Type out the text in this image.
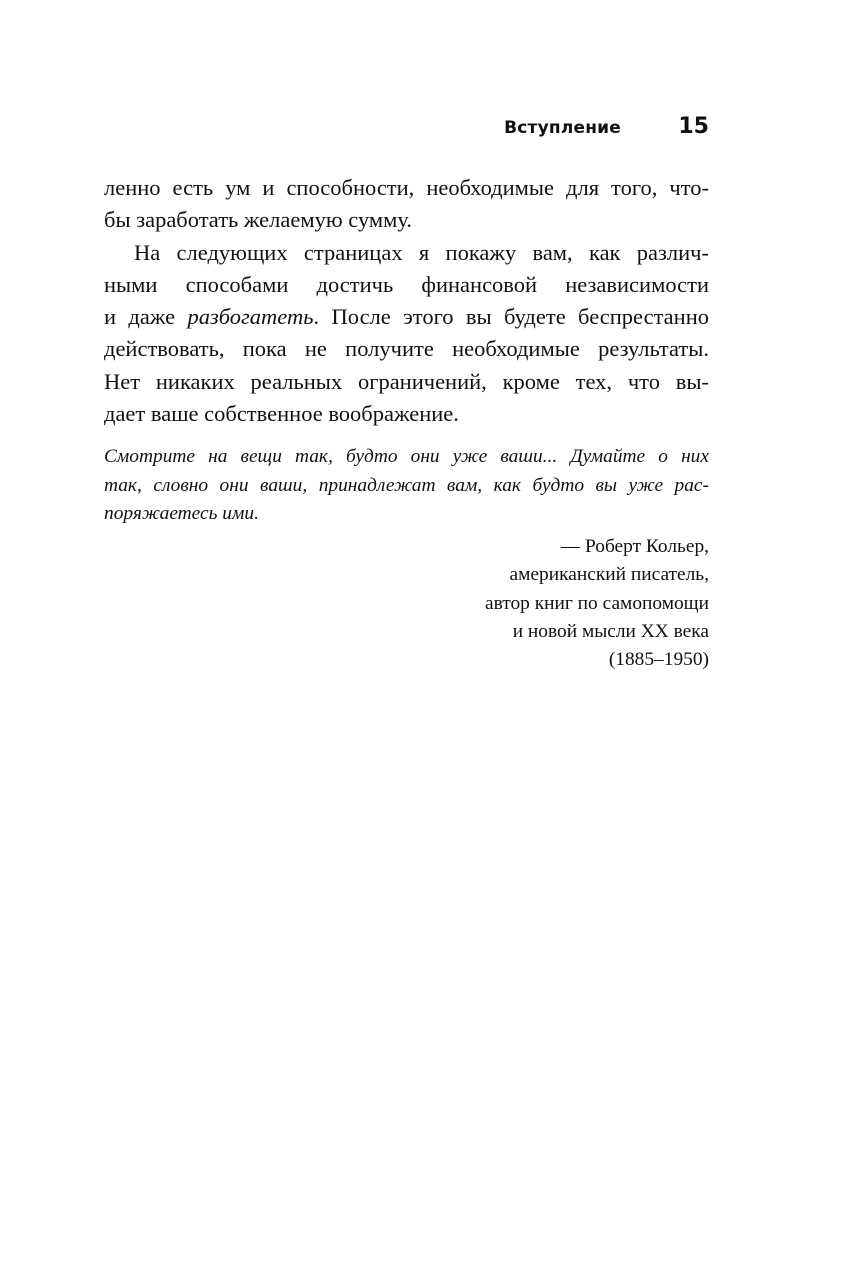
Вступление	15
ленно есть ум и способности, необходимые для того, что-
бы заработать желаемую сумму.
На следующих страницах я покажу вам, как различ-
ными способами достичь финансовой независимости
и даже разбогатеть. После этого вы будете беспрестанно
действовать, пока не получите необходимые результаты.
Нет никаких реальных ограничений, кроме тех, что вы-
дает ваше собственное воображение.
Смотрите на вещи так, будто они уже ваши... Думайте о них
так, словно они ваши, принадлежат вам, как будто вы уже рас-
поряжаетесь ими.
— Роберт Кольер,
американский писатель,
автор книг по самопомощи
и новой мысли XX века
(1885–1950)
